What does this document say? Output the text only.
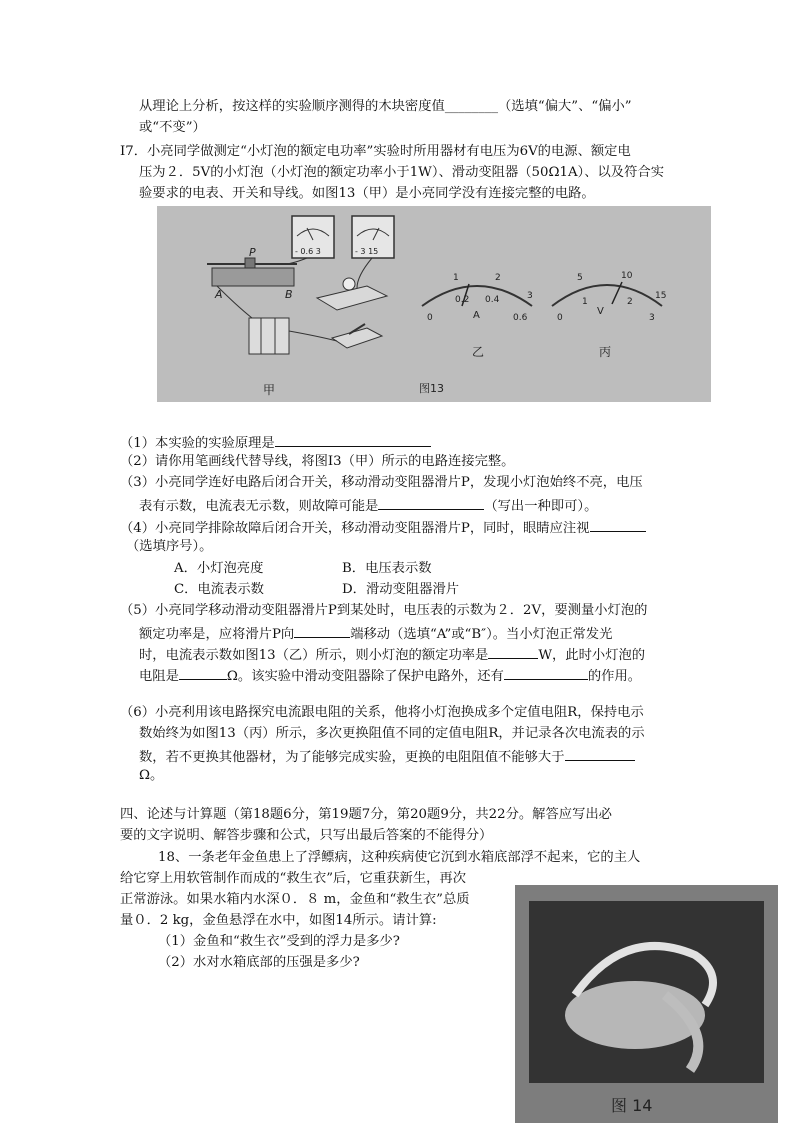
从理论上分析，按这样的实验顺序测得的木块密度值________（选填“偏大”、“偏小”
或“不变”）
I7．小亮同学做测定“小灯泡的额定电功率”实验时所用器材有电压为6V的电源、额定电
压为２．5V的小灯泡（小灯泡的额定功率小于1W）、滑动变阻器（50Ω1A）、以及符合实
验要求的电表、开关和导线。如图13（甲）是小亮同学没有连接完整的电路。
- 0.6 3	- 3 15
P
A	B
甲
0
0.2 0.4
0.6
1	2
3
A
乙
0
1	2
3
5	10
15
V
丙
图13
（1）本实验的实验原理是
（2）请你用笔画线代替导线，将图I3（甲）所示的电路连接完整。
（3）小亮同学连好电路后闭合开关，移动滑动变阻器滑片P，发现小灯泡始终不亮，电压
表有示数，电流表无示数，则故障可能是	（写出一种即可）。
（4）小亮同学排除故障后闭合开关，移动滑动变阻器滑片P，同时，眼睛应注视
（选填序号）。
A．小灯泡亮度	B．电压表示数
C．电流表示数	D．滑动变阻器滑片
（5）小亮同学移动滑动变阻器滑片P到某处时，电压表的示数为２．2V，要测量小灯泡的
额定功率是，应将滑片P向	端移动（选填“A”或“B″）。当小灯泡正常发光
时，电流表示数如图13（乙）所示，则小灯泡的额定功率是	W，此时小灯泡的
电阻是	Ω。该实验中滑动变阻器除了保护电路外，还有	的作用。
（6）小亮利用该电路探究电流跟电阻的关系，他将小灯泡换成多个定值电阻R，保持电示
数始终为如图13（丙）所示，多次更换阻值不同的定值电阻R，并记录各次电流表的示
数，若不更换其他器材，为了能够完成实验，更换的电阻阻值不能够大于
Ω。
四、论述与计算题（第18题6分，第19题7分，第20题9分，共22分。解答应写出必
要的文字说明、解答步骤和公式，只写出最后答案的不能得分）
18、一条老年金鱼患上了浮鳔病，这种疾病使它沉到水箱底部浮不起来，它的主人
给它穿上用软管制作而成的“救生衣”后，它重获新生，再次
正常游泳。如果水箱内水深０．８ m，金鱼和“救生衣”总质
量０．2 kg，金鱼悬浮在水中，如图14所示。请计算:
（1）金鱼和“救生衣”受到的浮力是多少?
（2）水对水箱底部的压强是多少?
图 14
